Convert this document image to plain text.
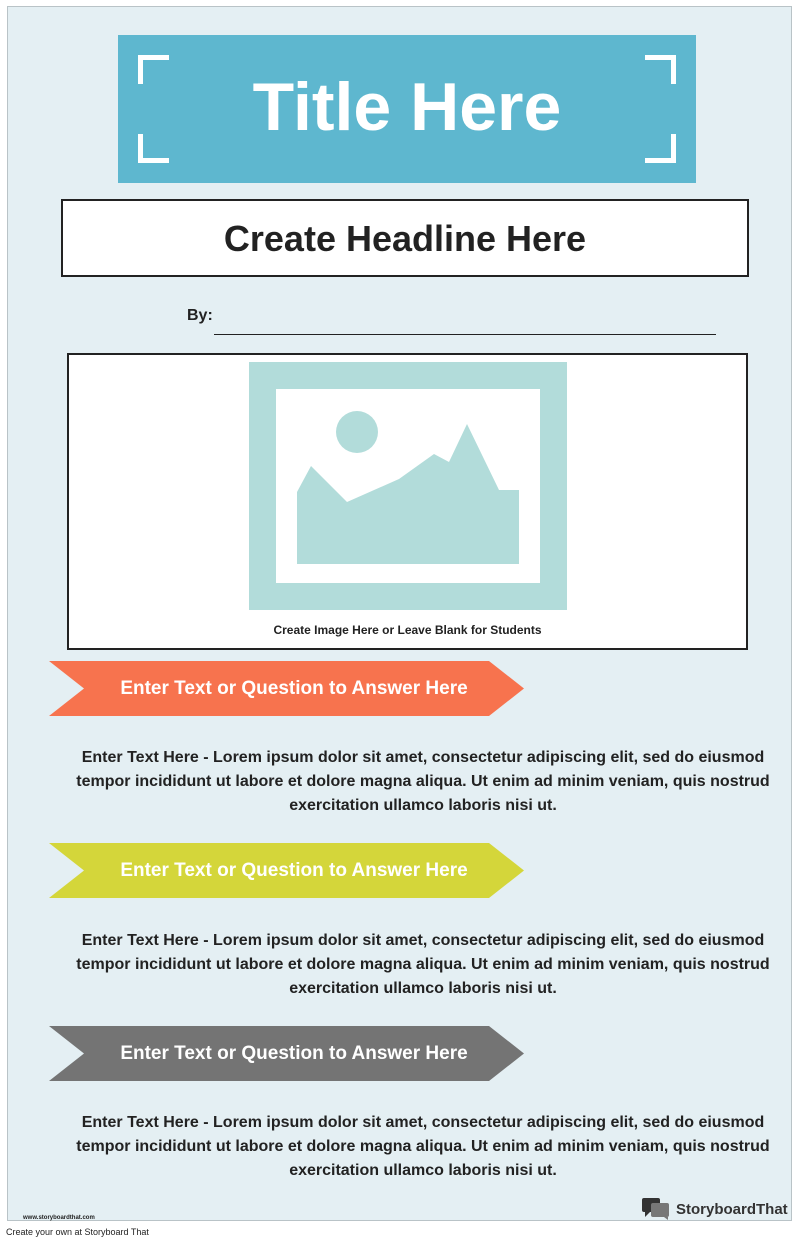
Title Here
Create Headline Here
By:
Create Image Here or Leave Blank for Students
Enter Text or Question to Answer Here
Enter Text Here - Lorem ipsum dolor sit amet, consectetur adipiscing elit, sed do eiusmod tempor incididunt ut labore et dolore magna aliqua. Ut enim ad minim veniam, quis nostrud exercitation ullamco laboris nisi ut.
Enter Text or Question to Answer Here
Enter Text Here - Lorem ipsum dolor sit amet, consectetur adipiscing elit, sed do eiusmod tempor incididunt ut labore et dolore magna aliqua. Ut enim ad minim veniam, quis nostrud exercitation ullamco laboris nisi ut.
Enter Text or Question to Answer Here
Enter Text Here - Lorem ipsum dolor sit amet, consectetur adipiscing elit, sed do eiusmod tempor incididunt ut labore et dolore magna aliqua. Ut enim ad minim veniam, quis nostrud exercitation ullamco laboris nisi ut.
www.storyboardthat.com
StoryboardThat
Create your own at Storyboard That
